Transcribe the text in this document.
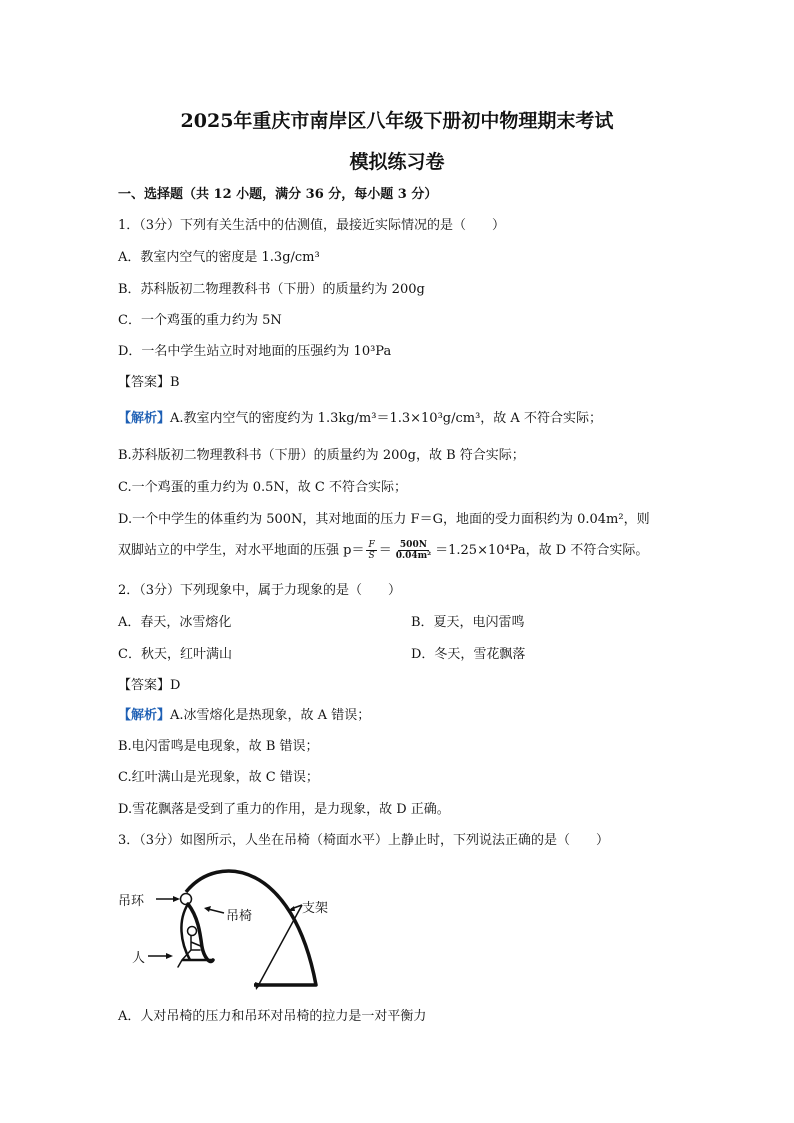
2025年重庆市南岸区八年级下册初中物理期末考试
模拟练习卷
一、选择题（共 12 小题，满分 36 分，每小题 3 分）
1．（3分）下列有关生活中的估测值，最接近实际情况的是（　　）
A．教室内空气的密度是 1.3g/cm³
B．苏科版初二物理教科书（下册）的质量约为 200g
C．一个鸡蛋的重力约为 5N
D．一名中学生站立时对地面的压强约为 10³Pa
【答案】B
【解析】A.教室内空气的密度约为 1.3kg/m³＝1.3×10³g/cm³，故 A 不符合实际；
B.苏科版初二物理教科书（下册）的质量约为 200g，故 B 符合实际；
C.一个鸡蛋的重力约为 0.5N，故 C 不符合实际；
D.一个中学生的体重约为 500N，其对地面的压力 F＝G，地面的受力面积约为 0.04m²，则
双脚站立的中学生，对水平地面的压强 $p= \frac{F}{S} = \frac{500N}{\text{0.04m²}} =1.25\times 10^4Pa$，故 D 不符合实际。
2．（3分）下列现象中，属于力现象的是（　　）
A．春天，冰雪熔化	B．夏天，电闪雷鸣
C．秋天，红叶满山	D．冬天，雪花飘落
【答案】D
【解析】A.冰雪熔化是热现象，故 A 错误；
B.电闪雷鸣是电现象，故 B 错误；
C.红叶满山是光现象，故 C 错误；
D.雪花飘落是受到了重力的作用，是力现象，故 D 正确。
3．（3分）如图所示，人坐在吊椅（椅面水平）上静止时，下列说法正确的是（　　）
吊环
吊椅
支架
人
A．人对吊椅的压力和吊环对吊椅的拉力是一对平衡力
